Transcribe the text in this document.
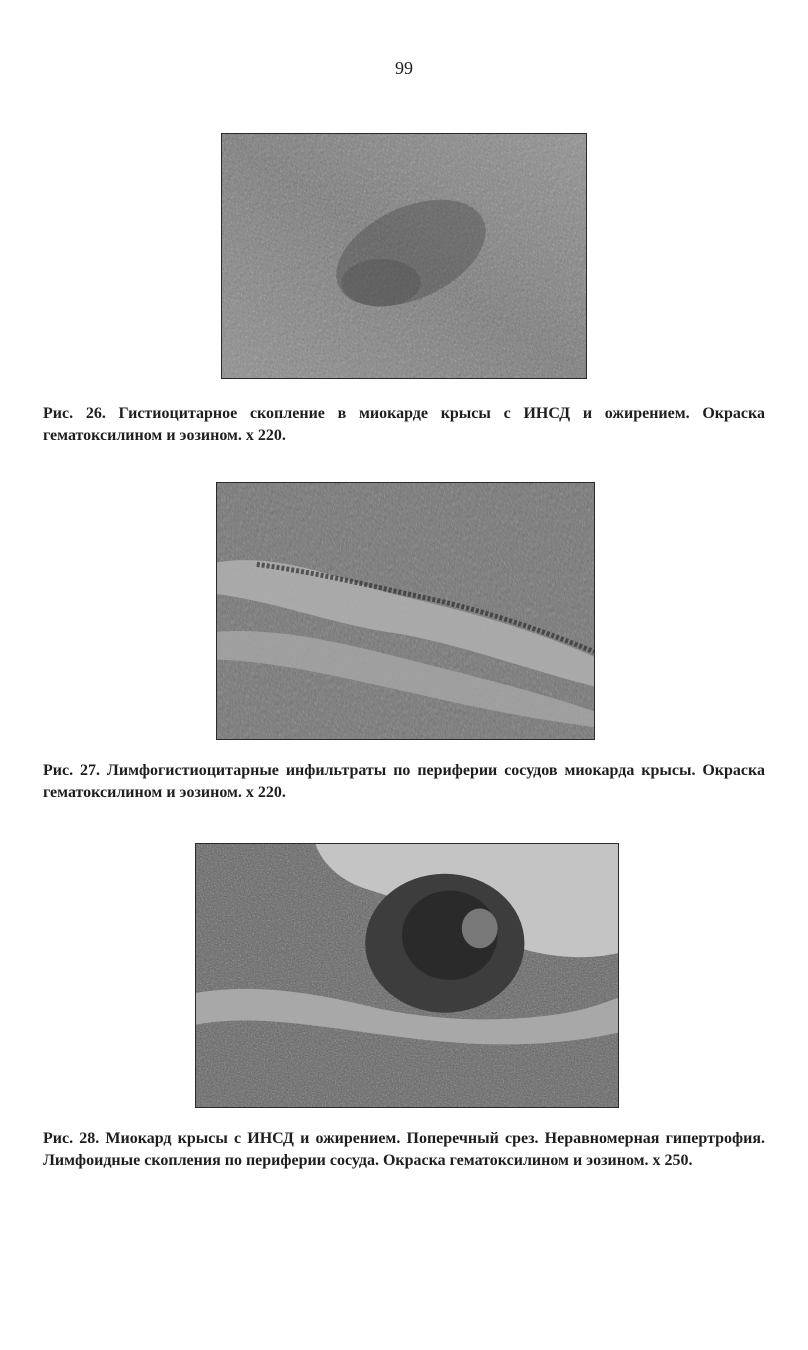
99

Рис. 26. Гистиоцитарное скопление в миокарде крысы с ИНСД и ожирением. Окраска гематоксилином и эозином. х 220.

Рис. 27. Лимфогистиоцитарные инфильтраты по периферии сосудов миокарда крысы. Окраска гематоксилином и эозином. х 220.

Рис. 28. Миокард крысы с ИНСД и ожирением. Поперечный срез. Неравномерная гипертрофия. Лимфоидные скопления по периферии сосуда. Окраска гематоксилином и эозином. х 250.
